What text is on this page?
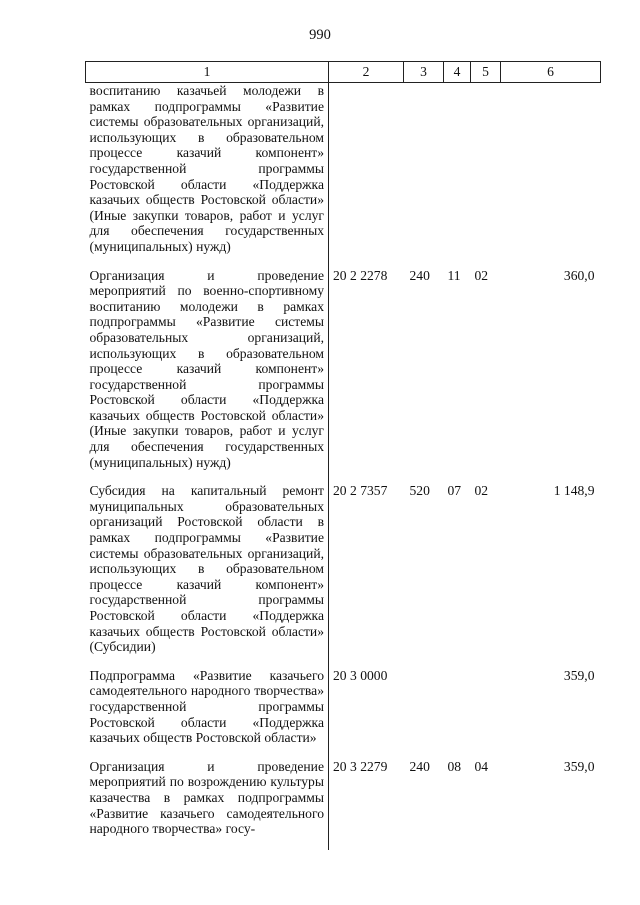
990
1	2	3	4	5	6
воспитанию казачьей молодежи в рамках подпрограммы «Развитие системы образовательных организаций, использующих в образовательном процессе казачий компонент» государственной программы Ростовской области «Поддержка казачьих обществ Ростовской области» (Иные закупки товаров, работ и услуг для обеспечения государственных (муниципальных) нужд)					
Организация и проведение мероприятий по военно-спортивному воспитанию молодежи в рамках подпрограммы «Развитие системы образовательных организаций, использующих в образовательном процессе казачий компонент» государственной программы Ростовской области «Поддержка казачьих обществ Ростовской области» (Иные закупки товаров, работ и услуг для обеспечения государственных (муниципальных) нужд)	20 2 2278	240	11	02	360,0
Субсидия на капитальный ремонт муниципальных образовательных организаций Ростовской области в рамках подпрограммы «Развитие системы образовательных организаций, использующих в образовательном процессе казачий компонент» государственной программы Ростовской области «Поддержка казачьих обществ Ростовской области» (Субсидии)	20 2 7357	520	07	02	1 148,9
Подпрограмма «Развитие казачьего самодеятельного народного творчества» государственной программы Ростовской области «Поддержка казачьих обществ Ростовской области»	20 3 0000				359,0
Организация и проведение мероприятий по возрождению культуры казачества в рамках подпрограммы «Развитие казачьего самодеятельного народного творчества» госу-	20 3 2279	240	08	04	359,0
